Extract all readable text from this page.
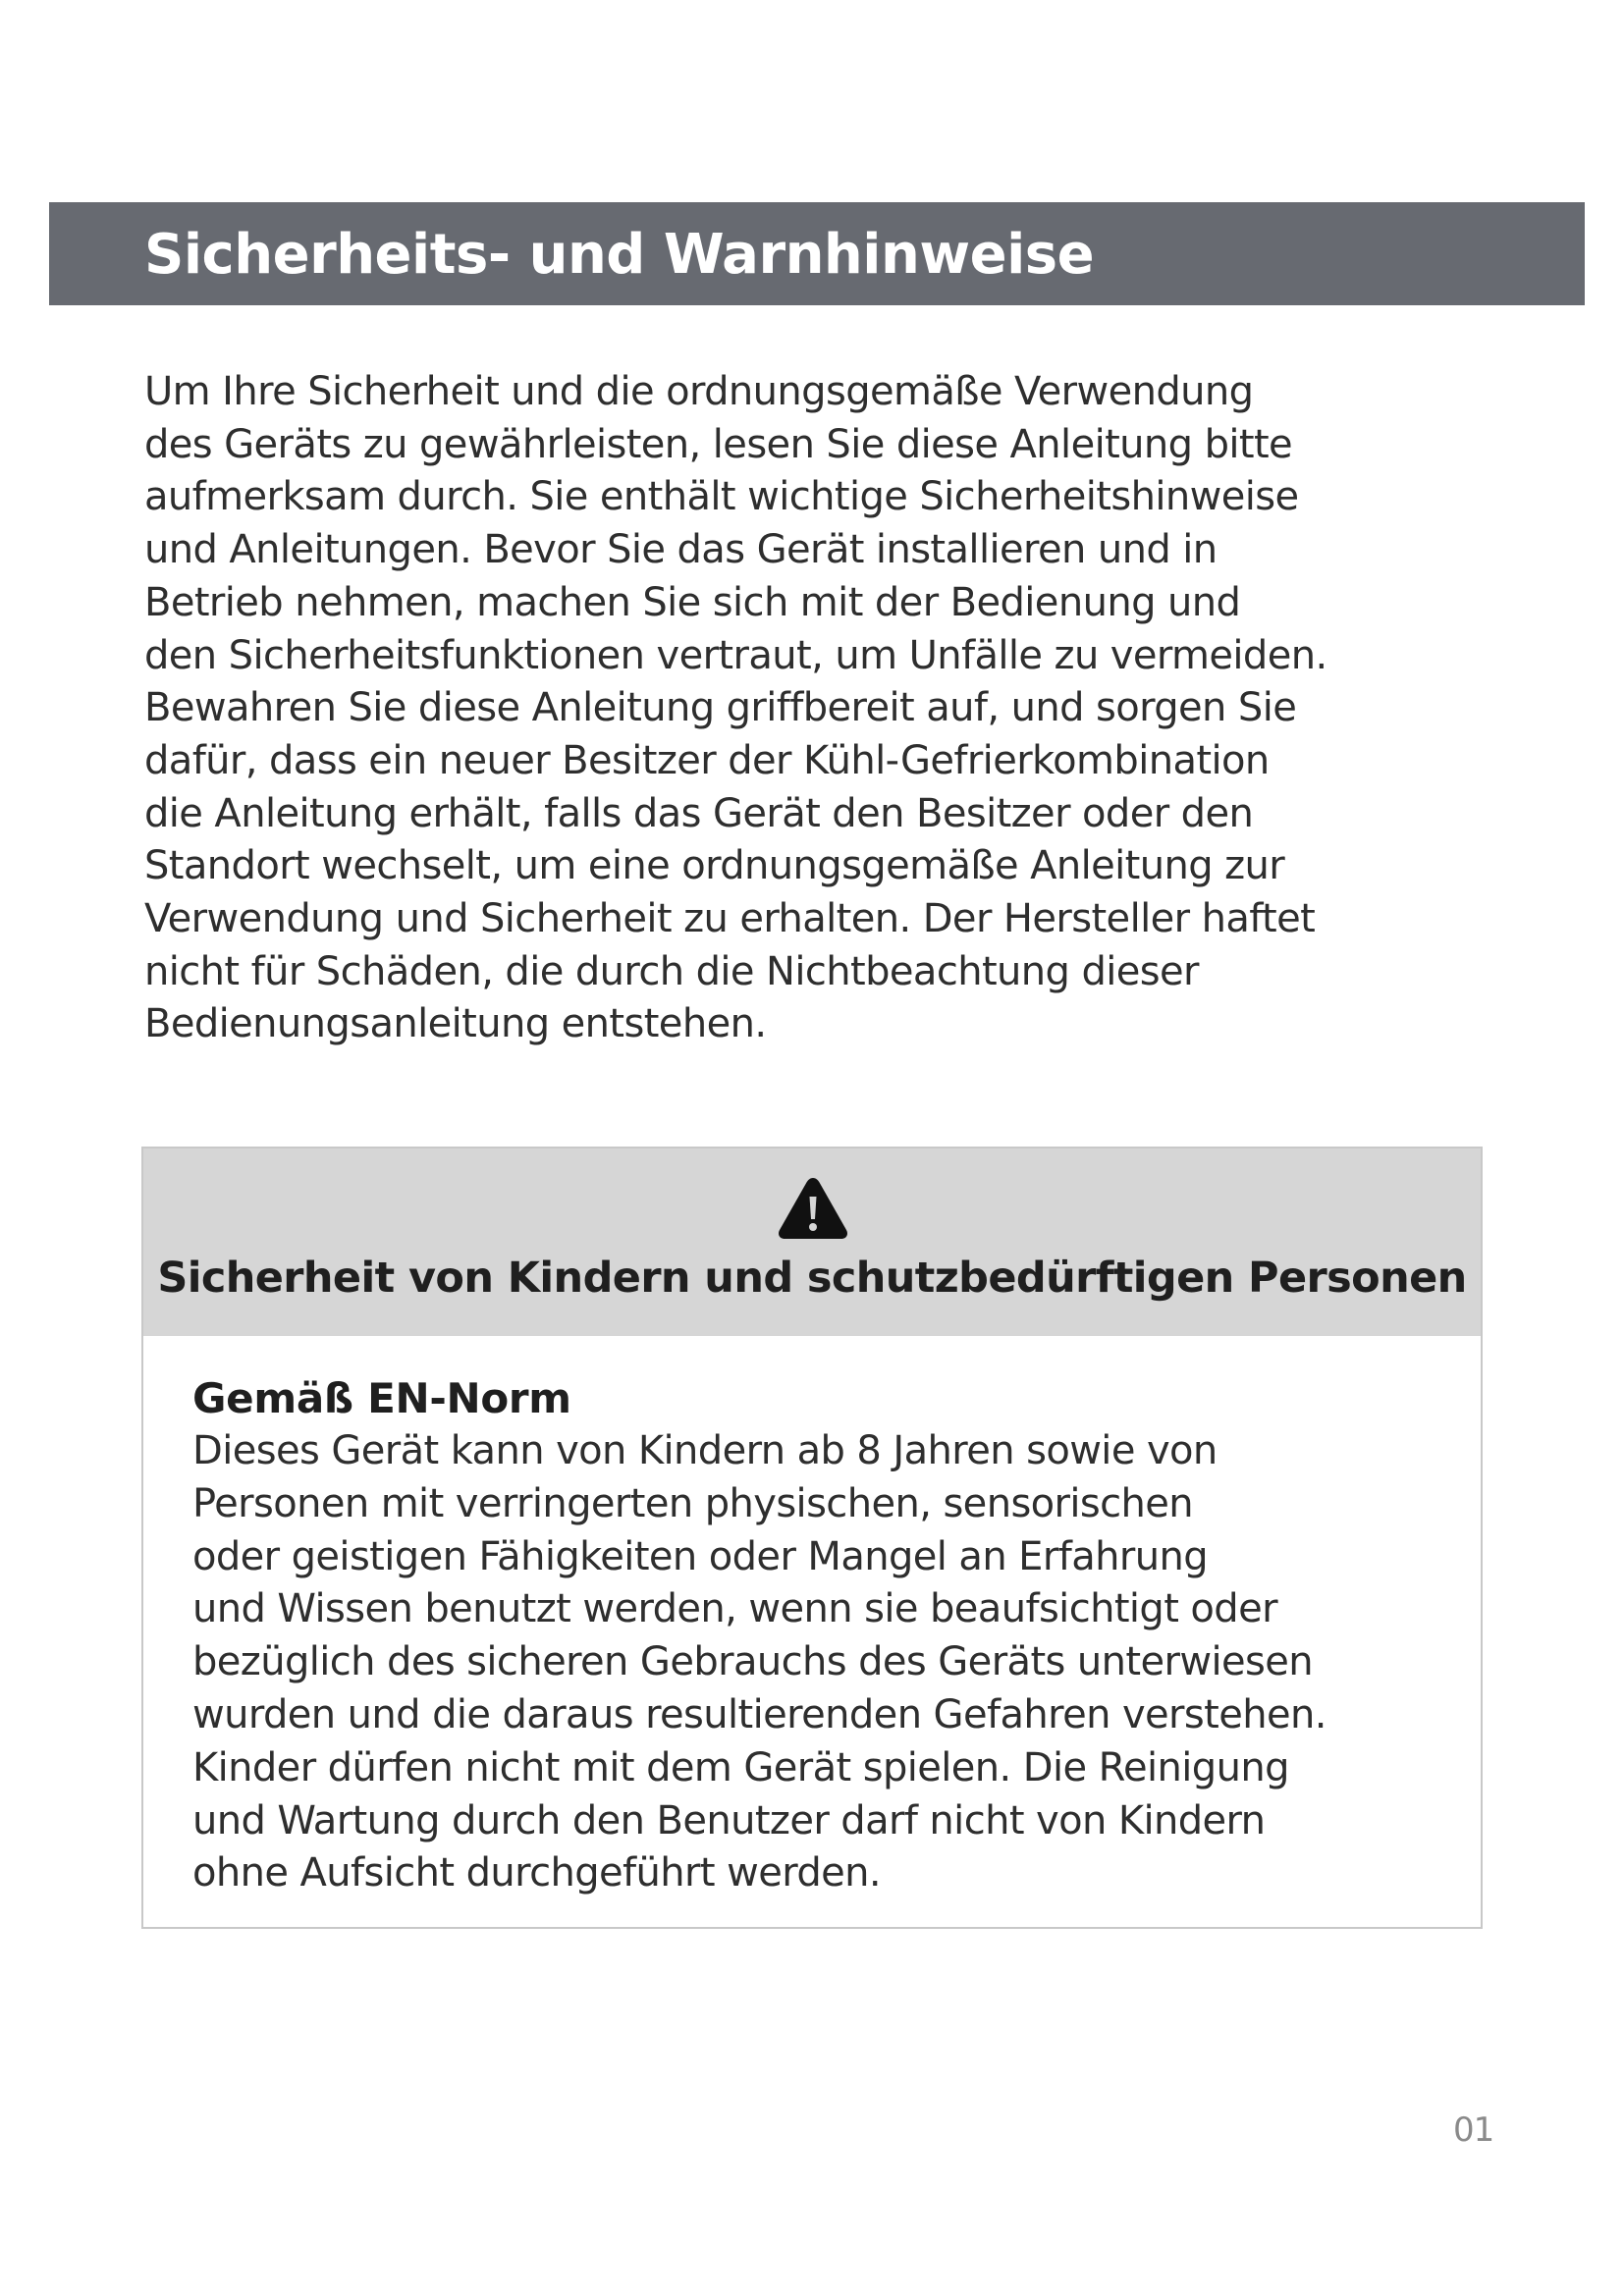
Sicherheits- und Warnhinweise

Um Ihre Sicherheit und die ordnungsgemäße Verwendung
des Geräts zu gewährleisten, lesen Sie diese Anleitung bitte
aufmerksam durch. Sie enthält wichtige Sicherheitshinweise
und Anleitungen. Bevor Sie das Gerät installieren und in
Betrieb nehmen, machen Sie sich mit der Bedienung und
den Sicherheitsfunktionen vertraut, um Unfälle zu vermeiden.
Bewahren Sie diese Anleitung griffbereit auf, und sorgen Sie
dafür, dass ein neuer Besitzer der Kühl-Gefrierkombination
die Anleitung erhält, falls das Gerät den Besitzer oder den
Standort wechselt, um eine ordnungsgemäße Anleitung zur
Verwendung und Sicherheit zu erhalten. Der Hersteller haftet
nicht für Schäden, die durch die Nichtbeachtung dieser
Bedienungsanleitung entstehen.

Sicherheit von Kindern und schutzbedürftigen Personen
Gemäß EN-Norm

Dieses Gerät kann von Kindern ab 8 Jahren sowie von
Personen mit verringerten physischen, sensorischen
oder geistigen Fähigkeiten oder Mangel an Erfahrung
und Wissen benutzt werden, wenn sie beaufsichtigt oder
bezüglich des sicheren Gebrauchs des Geräts unterwiesen
wurden und die daraus resultierenden Gefahren verstehen.
Kinder dürfen nicht mit dem Gerät spielen. Die Reinigung
und Wartung durch den Benutzer darf nicht von Kindern
ohne Aufsicht durchgeführt werden.

01
